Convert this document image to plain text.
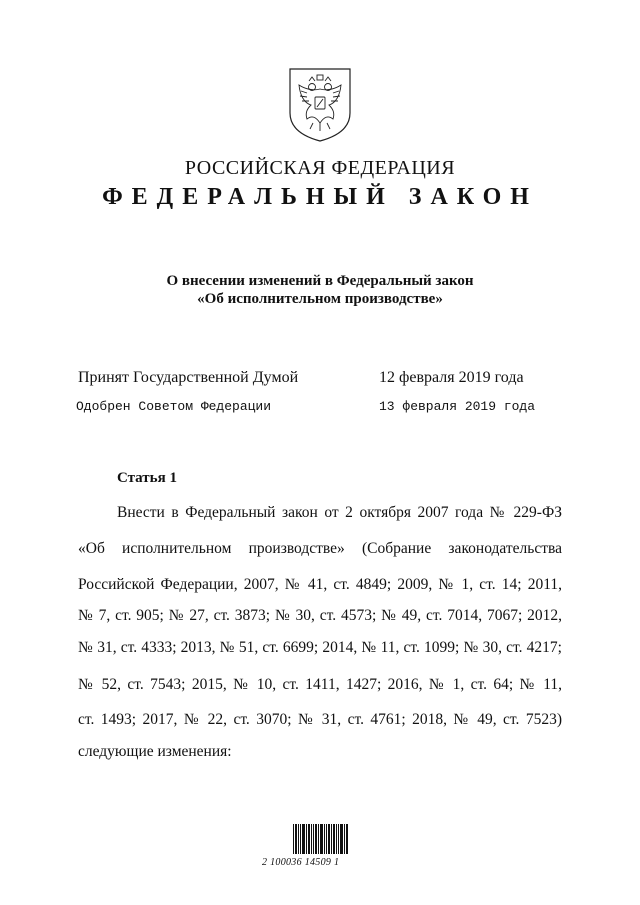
РОССИЙСКАЯ ФЕДЕРАЦИЯ
ФЕДЕРАЛЬНЫЙ ЗАКОН
О внесении изменений в Федеральный закон
«Об исполнительном производстве»
Принят Государственной Думой	12 февраля 2019 года
Одобрен Советом Федерации	13 февраля 2019 года
Статья 1
Внести в Федеральный закон от 2 октября 2007 года № 229-ФЗ
«Об исполнительном производстве» (Собрание законодательства
Российской Федерации, 2007, № 41, ст. 4849; 2009, № 1, ст. 14; 2011,
№ 7, ст. 905; № 27, ст. 3873; № 30, ст. 4573; № 49, ст. 7014, 7067; 2012,
№ 31, ст. 4333; 2013, № 51, ст. 6699; 2014, № 11, ст. 1099; № 30, ст. 4217;
№ 52, ст. 7543; 2015, № 10, ст. 1411, 1427; 2016, № 1, ст. 64; № 11,
ст. 1493; 2017, № 22, ст. 3070; № 31, ст. 4761; 2018, № 49, ст. 7523)
следующие изменения:
2 100036 14509 1
